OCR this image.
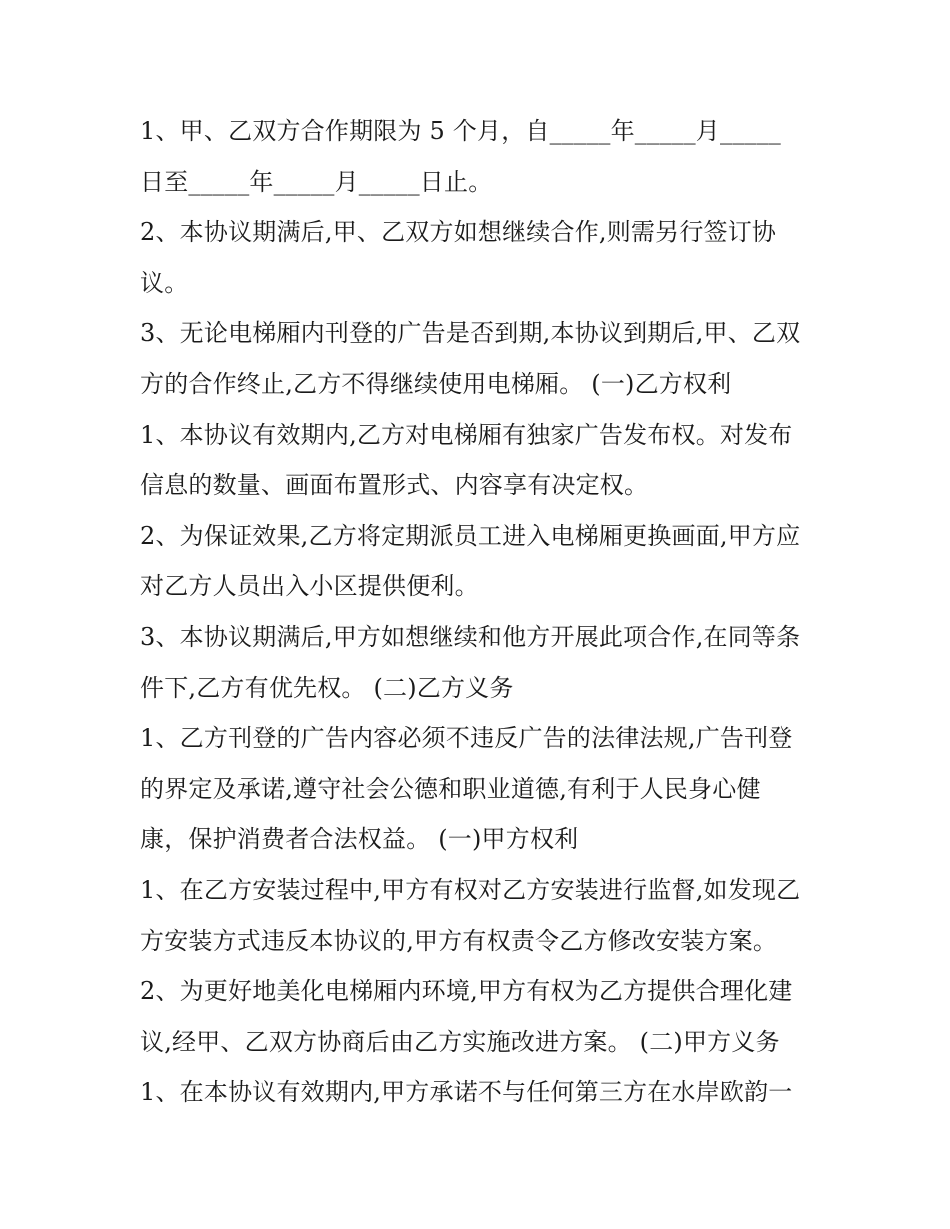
1、甲、乙双方合作期限为 5 个月，自_____年_____月_____
日至_____年_____月_____日止。
2、本协议期满后,甲、乙双方如想继续合作,则需另行签订协
议。
3、无论电梯厢内刊登的广告是否到期,本协议到期后,甲、乙双
方的合作终止,乙方不得继续使用电梯厢。 (一)乙方权利
1、本协议有效期内,乙方对电梯厢有独家广告发布权。对发布
信息的数量、画面布置形式、内容享有决定权。
2、为保证效果,乙方将定期派员工进入电梯厢更换画面,甲方应
对乙方人员出入小区提供便利。
3、本协议期满后,甲方如想继续和他方开展此项合作,在同等条
件下,乙方有优先权。 (二)乙方义务
1、乙方刊登的广告内容必须不违反广告的法律法规,广告刊登
的界定及承诺,遵守社会公德和职业道德,有利于人民身心健
康，保护消费者合法权益。 (一)甲方权利
1、在乙方安装过程中,甲方有权对乙方安装进行监督,如发现乙
方安装方式违反本协议的,甲方有权责令乙方修改安装方案。
2、为更好地美化电梯厢内环境,甲方有权为乙方提供合理化建
议,经甲、乙双方协商后由乙方实施改进方案。 (二)甲方义务
1、在本协议有效期内,甲方承诺不与任何第三方在水岸欧韵一
